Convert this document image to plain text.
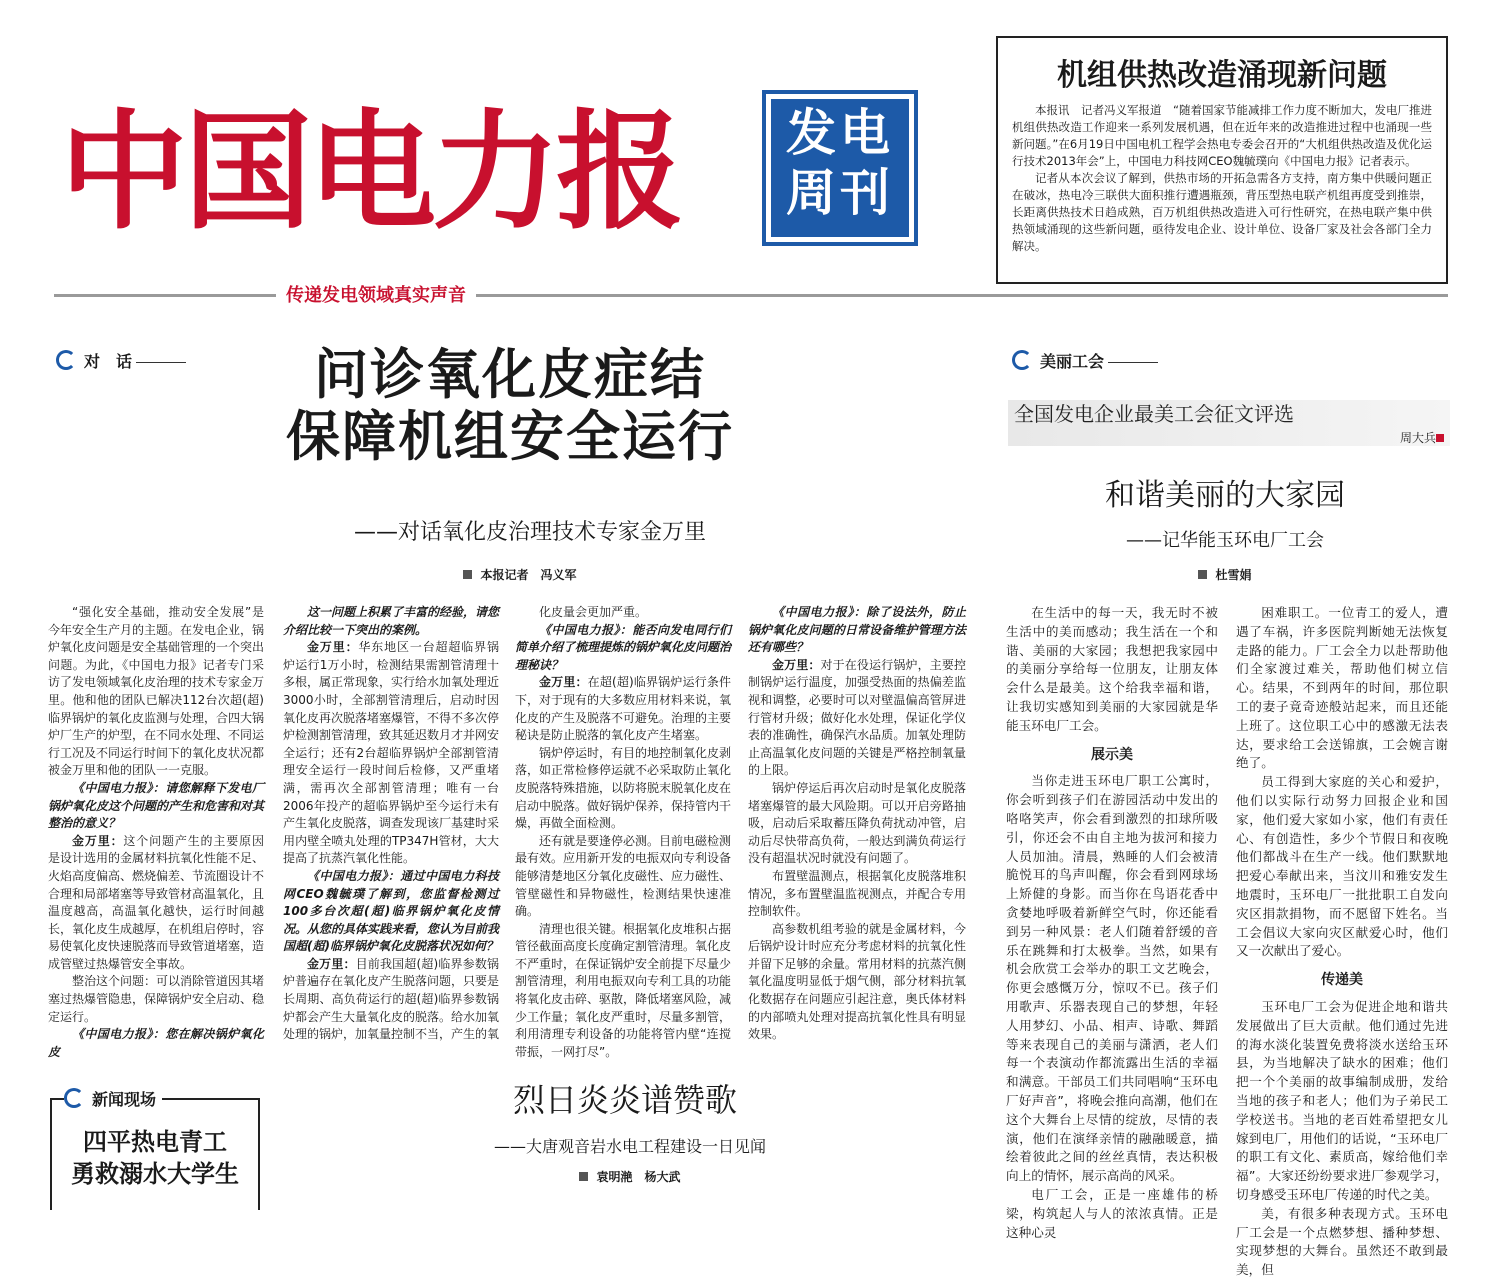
中国电力报 发电
周刊
传递发电领域真实声音
机组供热改造涌现新问题

本报讯　记者冯义军报道　“随着国家节能减排工作力度不断加大，发电厂推进机组供热改造工作迎来一系列发展机遇，但在近年来的改造推进过程中也涌现一些新问题。”在6月19日中国电机工程学会热电专委会召开的“大机组供热改造及优化运行技术2013年会”上，中国电力科技网CEO魏毓璞向《中国电力报》记者表示。

记者从本次会议了解到，供热市场的开拓急需各方支持，南方集中供暖问题正在破冰，热电冷三联供大面积推行遭遇瓶颈，背压型热电联产机组再度受到推崇，长距离供热技术日趋成熟，百万机组供热改造进入可行性研究，在热电联产集中供热领域涌现的这些新问题，亟待发电企业、设计单位、设备厂家及社会各部门全力解决。

对　话	问诊氧化皮症结
保障机组安全运行
——对话氧化皮治理技术专家金万里
本报记者　冯义军

“强化安全基础，推动安全发展”是今年安全生产月的主题。在发电企业，锅炉氧化皮问题是安全基础管理的一个突出问题。为此，《中国电力报》记者专门采访了发电领域氧化皮治理的技术专家金万里。他和他的团队已解决112台次超(超)临界锅炉的氧化皮监测与处理，合四大锅炉厂生产的炉型，在不同水处理、不同运行工况及不同运行时间下的氧化皮状况都被金万里和他的团队一一克服。

《中国电力报》：请您解释下发电厂锅炉氧化皮这个问题的产生和危害和对其整治的意义？

金万里：这个问题产生的主要原因是设计选用的金属材料抗氧化性能不足、火焰高度偏高、燃烧偏差、节流圈设计不合理和局部堵塞等导致管材高温氧化，且温度越高，高温氧化越快，运行时间越长，氧化皮生成越厚，在机组启停时，容易使氧化皮快速脱落而导致管道堵塞，造成管壁过热爆管安全事故。

整治这个问题：可以消除管道因其堵塞过热爆管隐患，保障锅炉安全启动、稳定运行。

《中国电力报》：您在解决锅炉氧化皮

这一问题上积累了丰富的经验，请您介绍比较一下突出的案例。

金万里：华东地区一台超超临界锅炉运行1万小时，检测结果需割管清理十多根，属正常现象，实行给水加氧处理近3000小时，全部割管清理后，启动时因氧化皮再次脱落堵塞爆管，不得不多次停炉检测割管清理，致其延迟数月才并网安全运行；还有2台超临界锅炉全部割管清理安全运行一段时间后检修，又严重堵满，需再次全部割管清理；唯有一台2006年投产的超临界锅炉至今运行未有产生氧化皮脱落，调查发现该厂基建时采用内壁全喷丸处理的TP347H管材，大大提高了抗蒸汽氧化性能。

《中国电力报》：通过中国电力科技网CEO魏毓璞了解到，您监督检测过100多台次超(超)临界锅炉氧化皮情况。从您的具体实践来看，您认为目前我国超(超)临界锅炉氧化皮脱落状况如何？

金万里：目前我国超(超)临界参数锅炉普遍存在氧化皮产生脱落问题，只要是长周期、高负荷运行的超(超)临界参数锅炉都会产生大量氧化皮的脱落。给水加氧处理的锅炉，加氧量控制不当，产生的氧

化皮量会更加严重。

《中国电力报》：能否向发电同行们简单介绍了梳理提炼的锅炉氧化皮问题治理秘诀？

金万里：在超(超)临界锅炉运行条件下，对于现有的大多数应用材料来说，氧化皮的产生及脱落不可避免。治理的主要秘诀是防止脱落的氧化皮产生堵塞。

锅炉停运时，有目的地控制氧化皮剥落，如正常检修停运就不必采取防止氧化皮脱落特殊措施，以防将脱末脱氧化皮在启动中脱落。做好锅炉保养，保持管内干燥，再做全面检测。

还有就是要逢停必测。目前电磁检测最有效。应用新开发的电振双向专利设备能够清楚地区分氧化皮磁性、应力磁性、管壁磁性和异物磁性，检测结果快速准确。

清理也很关键。根据氧化皮堆积占据管径截面高度长度确定割管清理。氧化皮不严重时，在保证锅炉安全前提下尽量少割管清理，利用电振双向专利工具的功能将氧化皮击碎、驱散，降低堵塞风险，减少工作量；氧化皮严重时，尽量多割管，利用清理专利设备的功能将管内壁“连搅带振，一网打尽”。

《中国电力报》：除了设法外，防止锅炉氧化皮问题的日常设备维护管理方法还有哪些？

金万里：对于在役运行锅炉，主要控制锅炉运行温度，加强受热面的热偏差监视和调整，必要时可以对壁温偏高管屏进行管材升级；做好化水处理，保证化学仪表的准确性，确保汽水品质。加氧处理防止高温氧化皮问题的关键是严格控制氧量的上限。

锅炉停运后再次启动时是氧化皮脱落堵塞爆管的最大风险期。可以开启旁路抽吸，启动后采取蓄压降负荷扰动冲管，启动后尽快带高负荷，一般达到满负荷运行没有超温状况时就没有问题了。

布置壁温测点，根据氧化皮脱落堆积情况，多布置壁温监视测点，并配合专用控制软件。

高参数机组考验的就是金属材料，今后锅炉设计时应充分考虑材料的抗氧化性并留下足够的余量。常用材料的抗蒸汽侧氧化温度明显低于烟气侧，部分材料抗氧化数据存在问题应引起注意，奥氏体材料的内部喷丸处理对提高抗氧化性具有明显效果。

烈日炎炎谱赞歌
——大唐观音岩水电工程建设一日见闻
袁明滟　杨大武
新闻现场
四平热电青工
勇救溺水大学生
美丽工会
全国发电企业最美工会征文评选
周大兵
和谐美丽的大家园
——记华能玉环电厂工会
杜雪娟

在生活中的每一天，我无时不被生活中的美而感动；我生活在一个和谐、美丽的大家园；我想把我家园中的美丽分享给每一位朋友，让朋友体会什么是最美。这个给我幸福和谐，让我切实感知到美丽的大家园就是华能玉环电厂工会。

展示美

当你走进玉环电厂职工公寓时，你会听到孩子们在游园活动中发出的咯咯笑声，你会看到激烈的扣球所吸引，你还会不由自主地为拔河和接力人员加油。清晨，熟睡的人们会被清脆悦耳的鸟声叫醒，你会看到网球场上矫健的身影。而当你在鸟语花香中贪婪地呼吸着新鲜空气时，你还能看到另一种风景：老人们随着舒缓的音乐在跳舞和打太极拳。当然，如果有机会欣赏工会举办的职工文艺晚会，你更会感慨万分，惊叹不已。孩子们用歌声、乐器表现自己的梦想，年轻人用梦幻、小品、相声、诗歌、舞蹈等来表现自己的美丽与潇洒，老人们每一个表演动作都流露出生活的幸福和满意。干部员工们共同唱响“玉环电厂好声音”，将晚会推向高潮，他们在这个大舞台上尽情的绽放，尽情的表演，他们在演绎亲情的融融暖意，描绘着彼此之间的丝丝真情，表达积极向上的情怀，展示高尚的风采。

电厂工会，正是一座雄伟的桥梁，构筑起人与人的浓浓真情。正是这种心灵

困难职工。一位青工的爱人，遭遇了车祸，许多医院判断她无法恢复走路的能力。厂工会全力以赴帮助他们全家渡过难关，帮助他们树立信心。结果，不到两年的时间，那位职工的妻子竟奇迹般站起来，而且还能上班了。这位职工心中的感激无法表达，要求给工会送锦旗，工会婉言谢绝了。

员工得到大家庭的关心和爱护，他们以实际行动努力回报企业和国家，他们爱大家如小家，他们有责任心、有创造性，多少个节假日和夜晚他们都战斗在生产一线。他们默默地把爱心奉献出来，当汶川和雅安发生地震时，玉环电厂一批批职工自发向灾区捐款捐物，而不愿留下姓名。当工会倡议大家向灾区献爱心时，他们又一次献出了爱心。

传递美

玉环电厂工会为促进企地和谐共发展做出了巨大贡献。他们通过先进的海水淡化装置免费将淡水送给玉环县，为当地解决了缺水的困难；他们把一个个美丽的故事编制成册，发给当地的孩子和老人；他们为子弟民工学校送书。当地的老百姓希望把女儿嫁到电厂，用他们的话说，“玉环电厂的职工有文化、素质高，嫁给他们幸福”。大家还纷纷要求进厂参观学习，切身感受玉环电厂传递的时代之美。

美，有很多种表现方式。玉环电厂工会是一个点燃梦想、播种梦想、实现梦想的大舞台。虽然还不敢到最美，但
